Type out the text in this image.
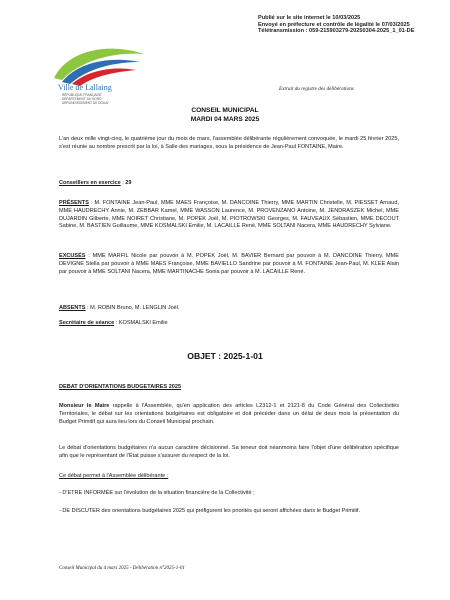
Publié sur le site internet le 10/03/2025
Envoyé en préfecture et contrôle de légalité le 07/03/2025
Télétransmission : 059-215903279-20250304-2025_1_01-DE
Ville de Lallaing
RÉPUBLIQUE FRANÇAISE · DÉPARTEMENT DU NORD · ARRONDISSEMENT DE DOUAI
Extrait du registre des délibérations
CONSEIL MUNICIPAL
MARDI 04 MARS 2025
L'an deux mille vingt-cinq, le quatrième jour du mois de mars, l'assemblée délibérante régulièrement convoquée, le mardi 25 février 2025, s'est réunie au nombre prescrit par la loi, à Salle des mariages, sous la présidence de Jean-Paul FONTAINE, Maire.
Conseillers en exercice : 29
PRÉSENTS : M. FONTAINE Jean-Paul, MME MAES Françoise, M. DANCOINE Thierry, MME MARTIN Christelle, M. PIESSET Arnaud, MME HAUDRECHY Annie, M. ZEBBAR Kamel, MME WASSON Laurence, M. PROVENZANO Antoine, M. JENDRASZEK Michel, MME DUJARDIN Gilberte, MME NOIRET Christiane, M. POPEK Joël, M. PIOTROWSKI Georges, M. FAUVEAUX Sébastien, MME DECOUT Sabine, M. BASTIEN Guillaume, MME KOSMALSKI Emilie, M. LACAILLE René, MME SOLTANI Nacera, MME HAUDRECHY Sylviane.
EXCUSÉS : MME MARFIL Nicole par pouvoir à M. POPEK Joël, M. BAVIER Bernard par pouvoir à M. DANCOINE Thierry, MME DEVIGNE Stella par pouvoir à MME MAES Françoise, MME BAVIELLO Sandrine par pouvoir à M. FONTAINE Jean-Paul, M. KLEE Alain par pouvoir à MME SOLTANI Nacera, MME MARTINACHE Sonia par pouvoir à M. LACAILLE René.
ABSENTS : M. ROBIN Bruno, M. LENGLIN Joël.
Secrétaire de séance : KOSMALSKI Emilie
OBJET : 2025-1-01
DEBAT D'ORIENTATIONS BUDGETAIRES 2025
Monsieur le Maire rappelle à l'Assemblée, qu'en application des articles L2312-1 et 2121-8 du Code Général des Collectivités Territoriales, le débat sur les orientations budgétaires est obligatoire et doit précéder dans un délai de deux mois la présentation du Budget Primitif qui aura lieu lors du Conseil Municipal prochain.
Le débat d'orientations budgétaires n'a aucun caractère décisionnel. Sa teneur doit néanmoins faire l'objet d'une délibération spécifique afin que le représentant de l'État puisse s'assurer du respect de la loi.
Ce débat permet à l'Assemblée délibérante :
- D'ETRE INFORMÉE sur l'évolution de la situation financière de la Collectivité ;
- DE DISCUTER des orientations budgétaires 2025 qui préfigurent les priorités qui seront affichées dans le Budget Primitif.
Conseil Municipal du 4 mars 2025 - Délibération n°2025-1-01
